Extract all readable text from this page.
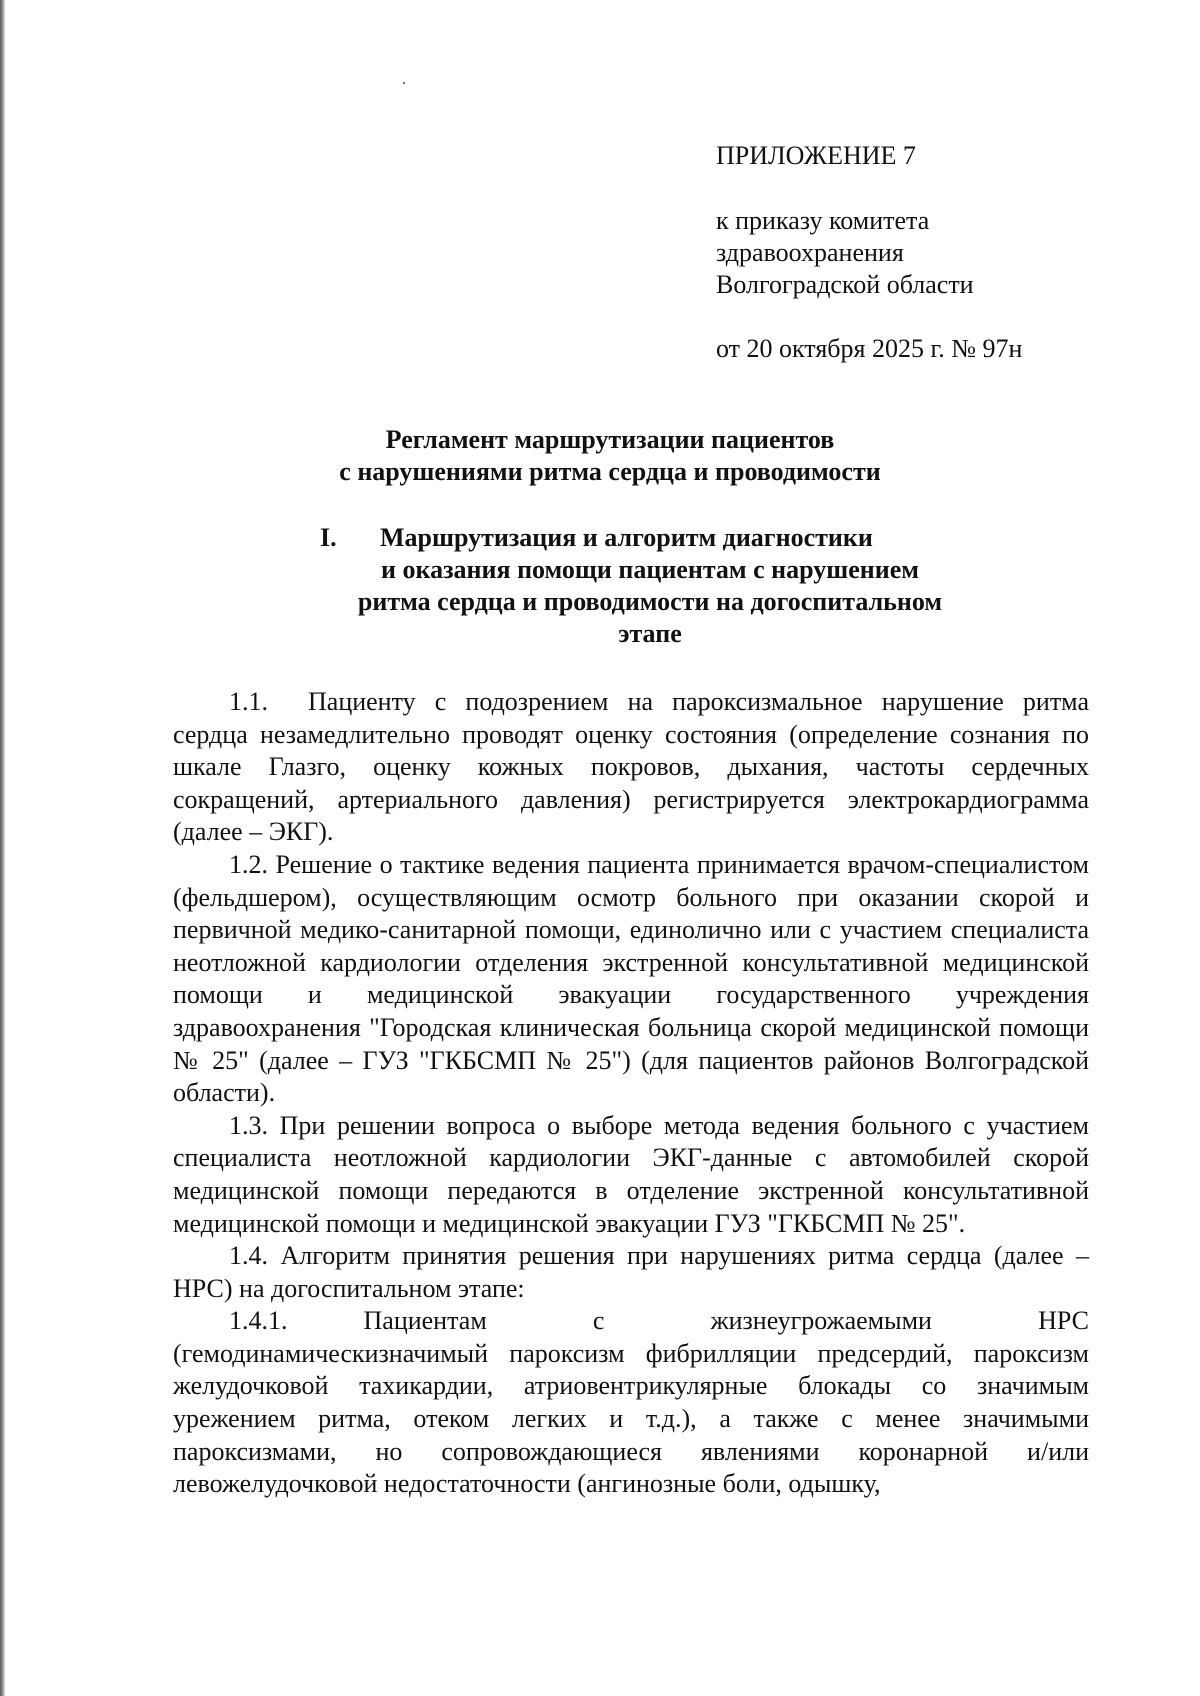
ПРИЛОЖЕНИЕ 7
к приказу комитета
здравоохранения
Волгоградской области
от 20 октября 2025 г. № 97н
Регламент маршрутизации пациентов
с нарушениями ритма сердца и проводимости
I. Маршрутизация и алгоритм диагностики
и оказания помощи пациентам с нарушением
ритма сердца и проводимости на догоспитальном
этапе

1.1. Пациенту с подозрением на пароксизмальное нарушение ритма сердца незамедлительно проводят оценку состояния (определение сознания по шкале Глазго, оценку кожных покровов, дыхания, частоты сердечных сокращений, артериального давления) регистрируется электрокардиограмма (далее – ЭКГ).

1.2. Решение о тактике ведения пациента принимается врачом-специалистом (фельдшером), осуществляющим осмотр больного при оказании скорой и первичной медико-санитарной помощи, единолично или с участием специалиста неотложной кардиологии отделения экстренной консультативной медицинской помощи и медицинской эвакуации государственного учреждения здравоохранения "Городская клиническая больница скорой медицинской помощи № 25" (далее – ГУЗ "ГКБСМП № 25") (для пациентов районов Волгоградской области).

1.3. При решении вопроса о выборе метода ведения больного с участием специалиста неотложной кардиологии ЭКГ-данные с автомобилей скорой медицинской помощи передаются в отделение экстренной консультативной медицинской помощи и медицинской эвакуации ГУЗ "ГКБСМП № 25".

1.4. Алгоритм принятия решения при нарушениях ритма сердца (далее – НРС) на догоспитальном этапе:

1.4.1.	Пациентам с жизнеугрожаемыми НРС (гемодинамическизначимый пароксизм фибрилляции предсердий, пароксизм желудочковой тахикардии, атриовентрикулярные блокады со значимым урежением ритма, отеком легких и т.д.), а также с менее значимыми пароксизмами, но сопровождающиеся явлениями коронарной и/или левожелудочковой недостаточности (ангинозные боли, одышку,
